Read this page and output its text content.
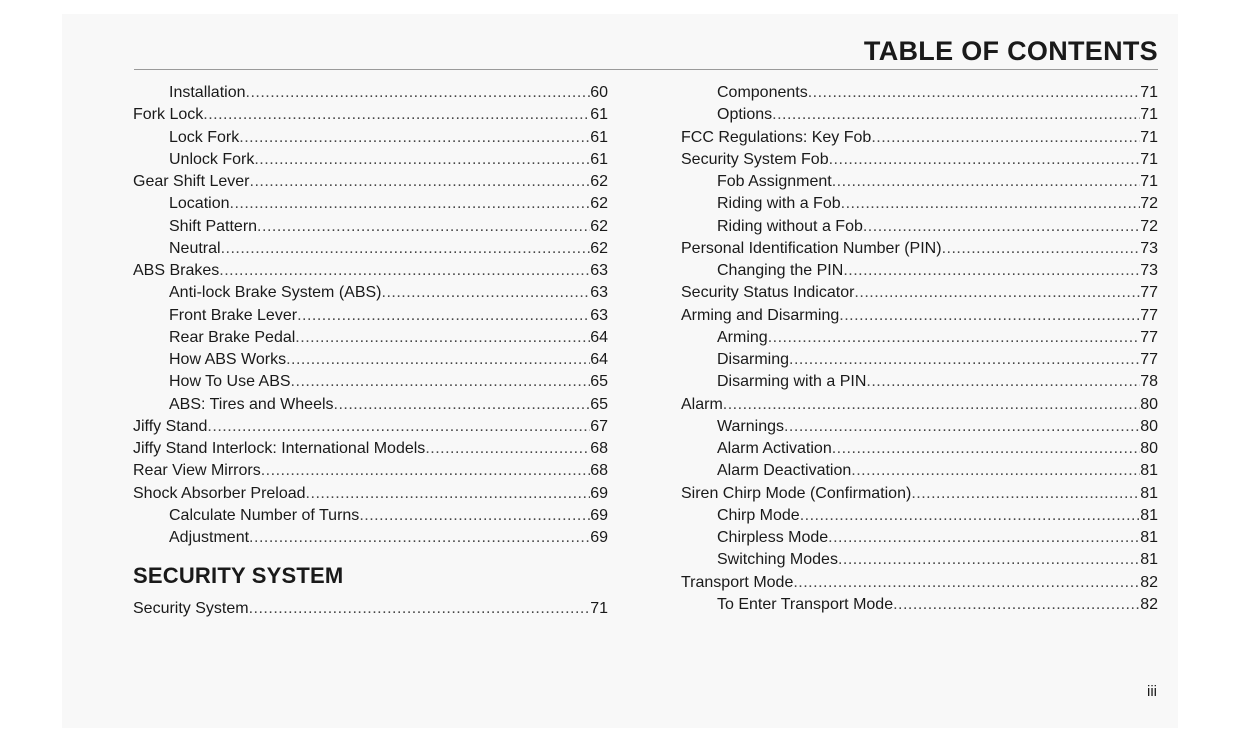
TABLE OF CONTENTS
Installation .....	60
Fork Lock .....	61
Lock Fork .....	61
Unlock Fork .....	61
Gear Shift Lever .....	62
Location .....	62
Shift Pattern .....	62
Neutral .....	62
ABS Brakes .....	63
Anti-lock Brake System (ABS) .....	63
Front Brake Lever .....	63
Rear Brake Pedal .....	64
How ABS Works .....	64
How To Use ABS .....	65
ABS: Tires and Wheels .....	65
Jiffy Stand .....	67
Jiffy Stand Interlock: International Models .....	68
Rear View Mirrors .....	68
Shock Absorber Preload .....	69
Calculate Number of Turns .....	69
Adjustment .....	69
SECURITY SYSTEM
Security System .....	71
Components .....	71
Options .....	71
FCC Regulations: Key Fob .....	71
Security System Fob .....	71
Fob Assignment .....	71
Riding with a Fob .....	72
Riding without a Fob .....	72
Personal Identification Number (PIN) .....	73
Changing the PIN .....	73
Security Status Indicator .....	77
Arming and Disarming .....	77
Arming .....	77
Disarming .....	77
Disarming with a PIN .....	78
Alarm .....	80
Warnings .....	80
Alarm Activation .....	80
Alarm Deactivation .....	81
Siren Chirp Mode (Confirmation) .....	81
Chirp Mode .....	81
Chirpless Mode .....	81
Switching Modes .....	81
Transport Mode .....	82
To Enter Transport Mode .....	82
iii
